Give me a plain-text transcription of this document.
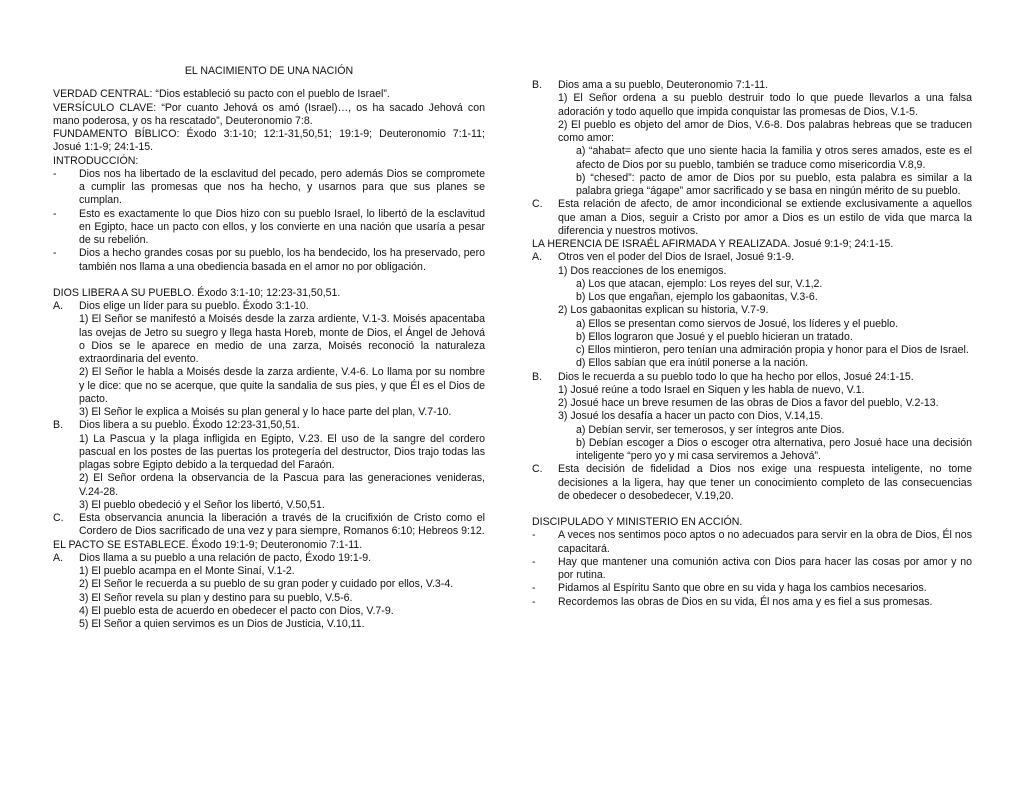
EL NACIMIENTO DE UNA NACIÓN

VERDAD CENTRAL: “Dios estableció su pacto con el pueblo de Israel”.

VERSÍCULO CLAVE: “Por cuanto Jehová os amó (Israel)…, os ha sacado Jehová con mano poderosa, y os ha rescatado”, Deuteronomio 7:8.

FUNDAMENTO BÍBLICO: Éxodo 3:1-10; 12:1-31,50,51; 19:1-9; Deuteronomio 7:1-11; Josué 1:1-9; 24:1-15.

INTRODUCCIÓN:

- Dios nos ha libertado de la esclavitud del pecado, pero además Dios se compromete a cumplir las promesas que nos ha hecho, y usarnos para que sus planes se cumplan.
- Esto es exactamente lo que Dios hizo con su pueblo Israel, lo libertó de la esclavitud en Egipto, hace un pacto con ellos, y los convierte en una nación que usaría a pesar de su rebelión.
- Dios a hecho grandes cosas por su pueblo, los ha bendecido, los ha preservado, pero también nos llama a una obediencia basada en el amor no por obligación.

DIOS LIBERA A SU PUEBLO. Éxodo 3:1-10; 12:23-31,50,51.

A. Dios elige un líder para su pueblo. Éxodo 3:1-10.
1) El Señor se manifestó a Moisés desde la zarza ardiente, V.1-3. Moisés apacentaba las ovejas de Jetro su suegro y llega hasta Horeb, monte de Dios, el Ángel de Jehová o Dios se le aparece en medio de una zarza, Moisés reconoció la naturaleza extraordinaria del evento.
2) El Señor le habla a Moisés desde la zarza ardiente, V.4-6. Lo llama por su nombre y le dice: que no se acerque, que quite la sandalia de sus pies, y que Él es el Dios de pacto.
3) El Señor le explica a Moisés su plan general y lo hace parte del plan, V.7-10.
B. Dios libera a su pueblo. Éxodo 12:23-31,50,51.
1) La Pascua y la plaga infligida en Egipto, V.23. El uso de la sangre del cordero pascual en los postes de las puertas los protegería del destructor, Dios trajo todas las plagas sobre Egipto debido a la terquedad del Faraón.
2) El Señor ordena la observancia de la Pascua para las generaciones venideras, V.24-28.
3) El pueblo obedeció y el Señor los libertó, V.50,51.
C. Esta observancia anuncia la liberación a través de la crucifixión de Cristo como el Cordero de Dios sacrificado de una vez y para siempre, Romanos 6:10; Hebreos 9:12.

EL PACTO SE ESTABLECE. Éxodo 19:1-9; Deuteronomio 7:1-11.

A. Dios llama a su pueblo a una relación de pacto, Éxodo 19:1-9.
1) El pueblo acampa en el Monte Sinaí, V.1-2.
2) El Señor le recuerda a su pueblo de su gran poder y cuidado por ellos, V.3-4.
3) El Señor revela su plan y destino para su pueblo, V.5-6.
4) El pueblo esta de acuerdo en obedecer el pacto con Dios, V.7-9.
5) El Señor a quien servimos es un Dios de Justicia, V.10,11.
B. Dios ama a su pueblo, Deuteronomio 7:1-11.
1) El Señor ordena a su pueblo destruir todo lo que puede llevarlos a una falsa adoración y todo aquello que impida conquistar las promesas de Dios, V.1-5.
2) El pueblo es objeto del amor de Dios, V.6-8. Dos palabras hebreas que se traducen como amor:
a) “ahabat= afecto que uno siente hacia la familia y otros seres amados, este es el afecto de Dios por su pueblo, también se traduce como misericordia V.8,9.
b) “chesed”: pacto de amor de Dios por su pueblo, esta palabra es similar a la palabra griega “ágape” amor sacrificado y se basa en ningún mérito de su pueblo.
C. Esta relación de afecto, de amor incondicional se extiende exclusivamente a aquellos que aman a Dios, seguir a Cristo por amor a Dios es un estilo de vida que marca la diferencia y nuestros motivos.

LA HERENCIA DE ISRAÉL AFIRMADA Y REALIZADA. Josué 9:1-9; 24:1-15.

A. Otros ven el poder del Dios de Israel, Josué 9:1-9.
1) Dos reacciones de los enemigos.
a) Los que atacan, ejemplo: Los reyes del sur, V.1,2.
b) Los que engañan, ejemplo los gabaonitas, V.3-6.
2) Los gabaonitas explican su historia, V.7-9.
a) Ellos se presentan como siervos de Josué, los líderes y el pueblo.
b) Ellos lograron que Josué y el pueblo hicieran un tratado.
c) Ellos mintieron, pero tenían una admiración propia y honor para el Dios de Israel.
d) Ellos sabían que era inútil ponerse a la nación.
B. Dios le recuerda a su pueblo todo lo que ha hecho por ellos, Josué 24:1-15.
1) Josué reúne a todo Israel en Siquen y les habla de nuevo, V.1.
2) Josué hace un breve resumen de las obras de Dios a favor del pueblo, V.2-13.
3) Josué los desafía a hacer un pacto con Dios, V.14,15.
a) Debían servir, ser temerosos, y ser íntegros ante Dios.
b) Debían escoger a Dios o escoger otra alternativa, pero Josué hace una decisión inteligente “pero yo y mi casa serviremos a Jehová”.
C. Esta decisión de fidelidad a Dios nos exige una respuesta inteligente, no tome decisiones a la ligera, hay que tener un conocimiento completo de las consecuencias de obedecer o desobedecer, V.19,20.

DISCIPULADO Y MINISTERIO EN ACCIÓN.

- A veces nos sentimos poco aptos o no adecuados para servir en la obra de Dios, Él nos capacitará.
- Hay que mantener una comunión activa con Dios para hacer las cosas por amor y no por rutina.
- Pidamos al Espíritu Santo que obre en su vida y haga los cambios necesarios.
- Recordemos las obras de Dios en su vida, Él nos ama y es fiel a sus promesas.
